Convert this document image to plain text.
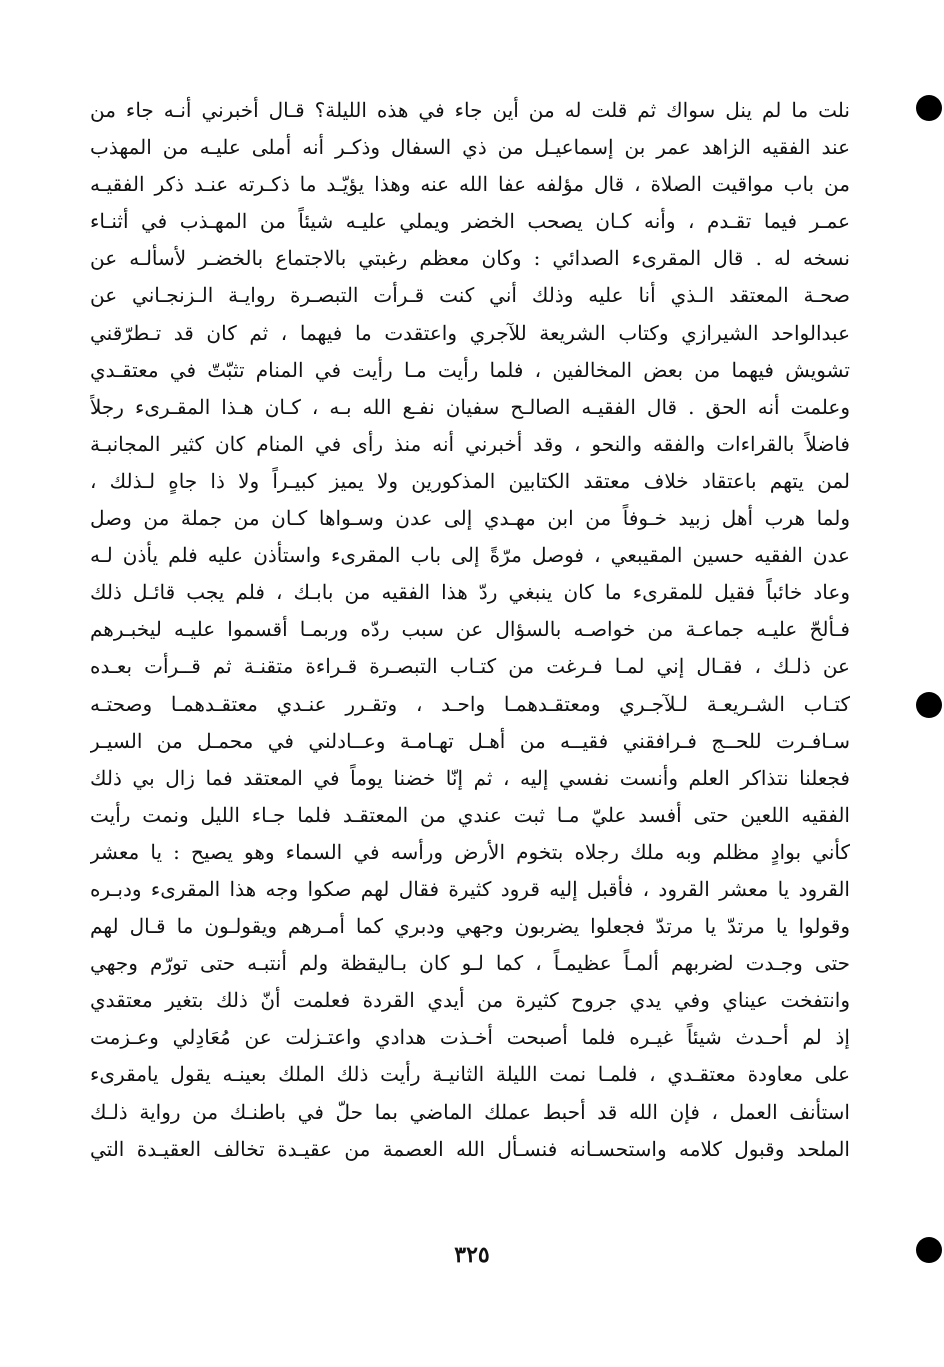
نلت ما لم ينل سواك ثم قلت له من أين جاء في هذه الليلة؟ قـال أخبرني أنـه جاء من
عند الفقيه الزاهد عمر بن إسماعيـل من ذي السفال وذكـر أنه أملى عليـه من المهذب
من باب مواقيت الصلاة ، قال مؤلفه عفا الله عنه وهذا يؤيّـد ما ذكـرته عنـد ذكر الفقيـه
عمـر فيما تقـدم ، وأنه كـان يصحب الخضر ويملي عليـه شيئاً من المهـذب في أثنـاء
نسخه له . قال المقرىء الصدائي : وكان معظم رغبتي بالاجتماع بالخضـر لأسألـه عن
صحـة المعتقد الـذي أنا عليه وذلك أني كنت قـرأت التبصـرة روايـة الـزنجـاني عن
عبدالواحد الشيرازي وكتاب الشريعة للآجري واعتقدت ما فيهما ، ثم كان قد تـطرّقني
تشويش فيهما من بعض المخالفين ، فلما رأيت مـا رأيت في المنام تثبّتّ في معتقـدي
وعلمت أنه الحق . قال الفقيـه الصالـح سفيان نفـع الله بـه ، كـان هـذا المقـرىء رجلاً
فاضلاً بالقراءات والفقه والنحو ، وقد أخبرني أنه منذ رأى في المنام كان كثير المجانبـة
لمن يتهم باعتقاد خلاف معتقد الكتابين المذكورين ولا يميز كبيـراً ولا ذا جاهٍ لـذلك ،
ولما هرب أهل زبيد خـوفاً من ابن مهـدي إلى عدن وسـواها كـان من جملة من وصل
عدن الفقيه حسين المقيبعي ، فوصل مرّةً إلى باب المقرىء واستأذن عليه فلم يأذن لـه
وعاد خائباً فقيل للمقرىء ما كان ينبغي ردّ هذا الفقيه من بابـك ، فلم يجب قائـل ذلك
فـألحّ عليـه جماعـة من خواصـه بالسؤال عن سبب ردّه وربمـا أقسموا عليـه ليخبـرهم
عن ذلـك ، فقـال إني لمـا فـرغت من كتـاب التبصـرة قـراءة متقنـة ثم قــرأت بعـده
كتـاب الشـريعـة لـلآجـري ومعتقـدهمـا واحـد ، وتقـرر عنـدي معتقـدهمـا وصحتـه
سـافـرت للحــج فـرافقني فقيــه من أهـل تهـامـة وعــادلني في محمـل من السيـر
فجعلنا نتذاكر العلم وأنست نفسي إليه ، ثم إنّا خضنا يوماً في المعتقد فما زال بي ذلك
الفقيه اللعين حتى أفسد عليّ مـا ثبت عندي من المعتقـد فلما جـاء الليل ونمت رأيت
كأني بوادٍ مظلم وبه ملك رجلاه بتخوم الأرض ورأسه في السماء وهو يصيح : يا معشر
القرود يا معشر القرود ، فأقبل إليه قرود كثيرة فقال لهم صكوا وجه هذا المقرىء ودبـره
وقولوا يا مرتدّ يا مرتدّ فجعلوا يضربون وجهي ودبري كما أمـرهم ويقولـون ما قـال لهم
حتى وجـدت لضربهم ألمـاً عظيمـاً ، كما لـو كان بـاليقظة ولم أنتبـه حتى تورّم وجهي
وانتفخت عيناي وفي يدي جروح كثيرة من أيدي القردة فعلمت أنّ ذلك بتغير معتقدي
إذ لم أحـدث شيئاً غيـره فلما أصبحت أخـذت هدادي واعتـزلت عن مُعَادِلي وعـزمت
على معاودة معتقـدي ، فلمـا نمت الليلة الثانيـة رأيت ذلك الملك بعينـه يقول يامقرىء
استأنف العمل ، فإن الله قد أحبط عملك الماضي بما حلّ في باطنـك من رواية ذلـك
الملحد وقبول كلامه واستحسـانه فنسـأل الله العصمة من عقيـدة تخالف العقيـدة التي
٣٢٥
